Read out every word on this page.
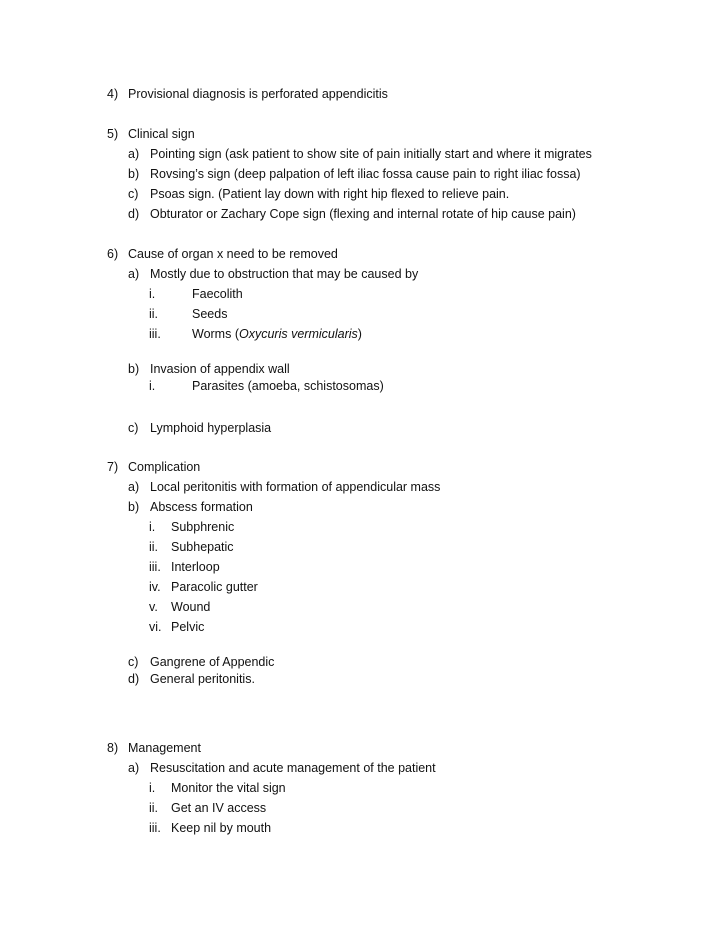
4) Provisional diagnosis is perforated appendicitis
5) Clinical sign
a) Pointing sign (ask patient to show site of pain initially start and where it migrates
b) Rovsing’s sign (deep palpation of left iliac fossa cause pain to right iliac fossa)
c) Psoas sign. (Patient lay down with right hip flexed to relieve pain.
d) Obturator or Zachary Cope sign (flexing and internal rotate of hip cause pain)
6) Cause of organ x need to be removed
a) Mostly due to obstruction that may be caused by
i.	Faecolith
ii.	Seeds
iii. Worms (Oxycuris vermicularis)
b) Invasion of appendix wall
i.	Parasites (amoeba, schistosomas)
c) Lymphoid hyperplasia
7) Complication
a) Local peritonitis with formation of appendicular mass
b) Abscess formation
i. Subphrenic
ii. Subhepatic
iii. Interloop
iv. Paracolic gutter
v. Wound
vi. Pelvic
c) Gangrene of Appendic
d) General peritonitis.
8) Management
a) Resuscitation and acute management of the patient
i. Monitor the vital sign
ii. Get an IV access
iii. Keep nil by mouth
